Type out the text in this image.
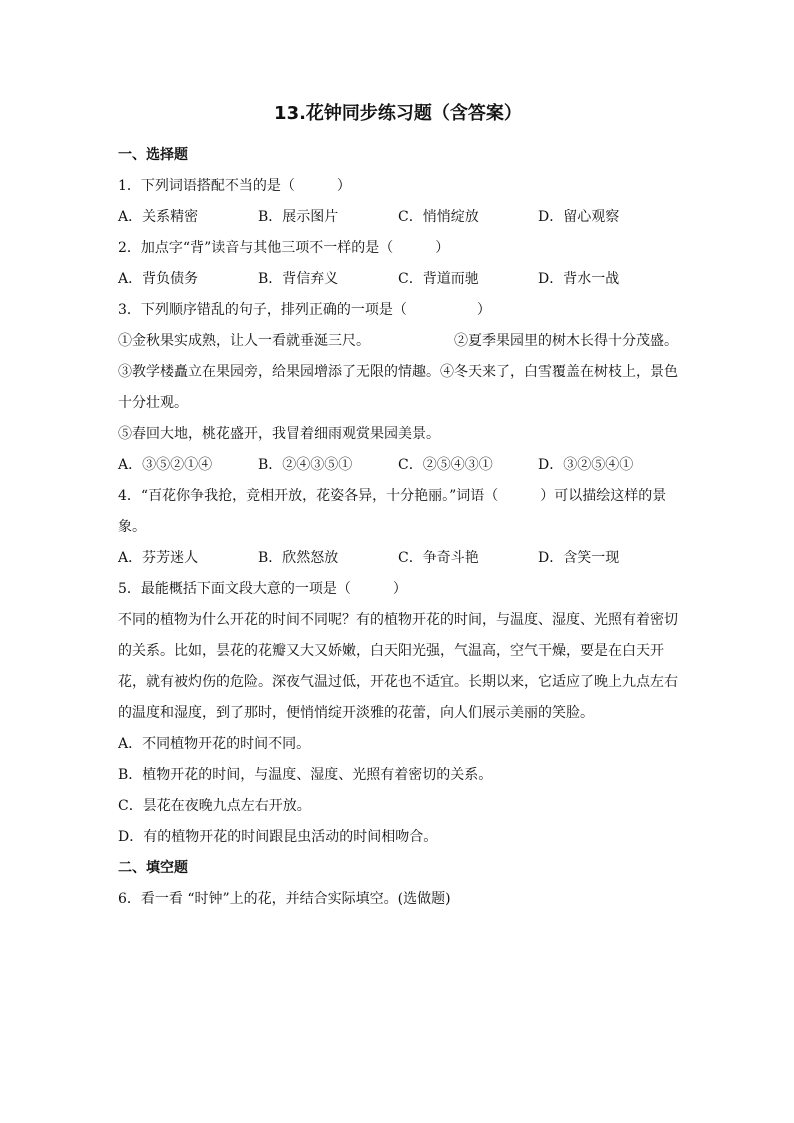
13.花钟同步练习题（含答案）
一、选择题
1．下列词语搭配不当的是（　　　）
A．关系精密	B．展示图片	C．悄悄绽放	D．留心观察
2．加点字“背”读音与其他三项不一样的是（　　　）
A．背负债务	B．背信弃义	C．背道而驰	D．背水一战
3．下列顺序错乱的句子，排列正确的一项是（　　　　　）
①金秋果实成熟，让人一看就垂涎三尺。	②夏季果园里的树木长得十分茂盛。
③教学楼矗立在果园旁，给果园增添了无限的情趣。④冬天来了，白雪覆盖在树枝上，景色十分壮观。
⑤春回大地，桃花盛开，我冒着细雨观赏果园美景。
A．③⑤②①④	B．②④③⑤①	C．②⑤④③①	D．③②⑤④①
4．“百花你争我抢，竞相开放，花姿各异，十分艳丽。”词语（　　　）可以描绘这样的景象。
A．芬芳迷人	B．欣然怒放	C．争奇斗艳	D．含笑一现
5．最能概括下面文段大意的一项是（　　　）
不同的植物为什么开花的时间不同呢？有的植物开花的时间，与温度、湿度、光照有着密切的关系。比如，昙花的花瓣又大又娇嫩，白天阳光强，气温高，空气干燥，要是在白天开花，就有被灼伤的危险。深夜气温过低，开花也不适宜。长期以来，它适应了晚上九点左右的温度和湿度，到了那时，便悄悄绽开淡雅的花蕾，向人们展示美丽的笑脸。
A．不同植物开花的时间不同。
B．植物开花的时间，与温度、湿度、光照有着密切的关系。
C．昙花在夜晚九点左右开放。
D．有的植物开花的时间跟昆虫活动的时间相吻合。
二、填空题
6．看一看 “时钟”上的花，并结合实际填空。(选做题)
